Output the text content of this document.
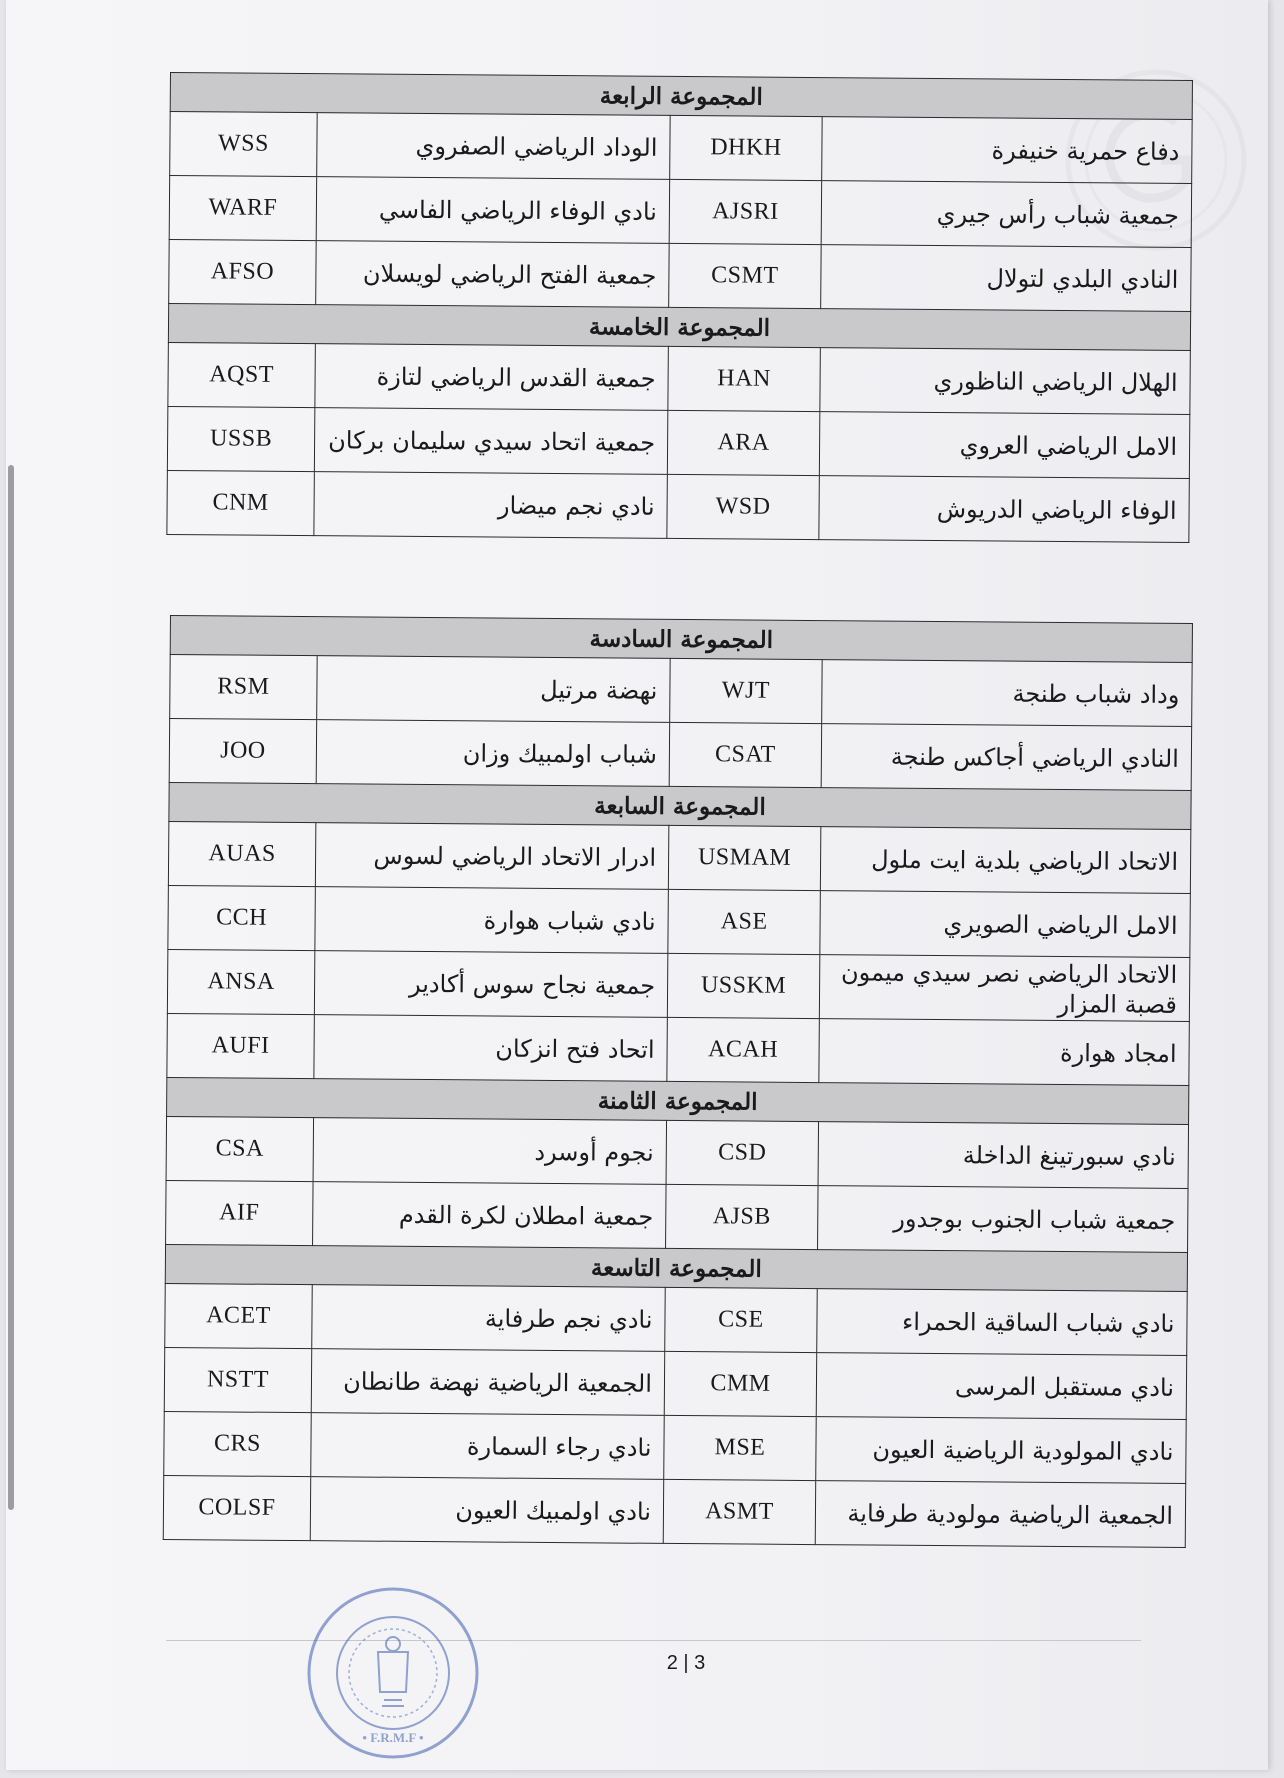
المجموعة الرابعة			
WSS	الوداد الرياضي الصفروي	DHKH	دفاع حمرية خنيفرة
WARF	نادي الوفاء الرياضي الفاسي	AJSRI	جمعية شباب رأس جيري
AFSO	جمعية الفتح الرياضي لويسلان	CSMT	النادي البلدي لتولال
المجموعة الخامسة			
AQST	جمعية القدس الرياضي لتازة	HAN	الهلال الرياضي الناظوري
USSB	جمعية اتحاد سيدي سليمان بركان	ARA	الامل الرياضي العروي
CNM	نادي نجم ميضار	WSD	الوفاء الرياضي الدريوش
المجموعة السادسة			
RSM	نهضة مرتيل	WJT	وداد شباب طنجة
JOO	شباب اولمبيك وزان	CSAT	النادي الرياضي أجاكس طنجة
المجموعة السابعة			
AUAS	ادرار الاتحاد الرياضي لسوس	USMAM	الاتحاد الرياضي بلدية ايت ملول
CCH	نادي شباب هوارة	ASE	الامل الرياضي الصويري
ANSA	جمعية نجاح سوس أكادير	USSKM	الاتحاد الرياضي نصر سيدي ميمون قصبة المزار
AUFI	اتحاد فتح انزكان	ACAH	امجاد هوارة
المجموعة الثامنة			
CSA	نجوم أوسرد	CSD	نادي سبورتينغ الداخلة
AIF	جمعية امطلان لكرة القدم	AJSB	جمعية شباب الجنوب بوجدور
المجموعة التاسعة			
ACET	نادي نجم طرفاية	CSE	نادي شباب الساقية الحمراء
NSTT	الجمعية الرياضية نهضة طانطان	CMM	نادي مستقبل المرسى
CRS	نادي رجاء السمارة	MSE	نادي المولودية الرياضية العيون
COLSF	نادي اولمبيك العيون	ASMT	الجمعية الرياضية مولودية طرفاية
2 | 3
• F.R.M.F •
